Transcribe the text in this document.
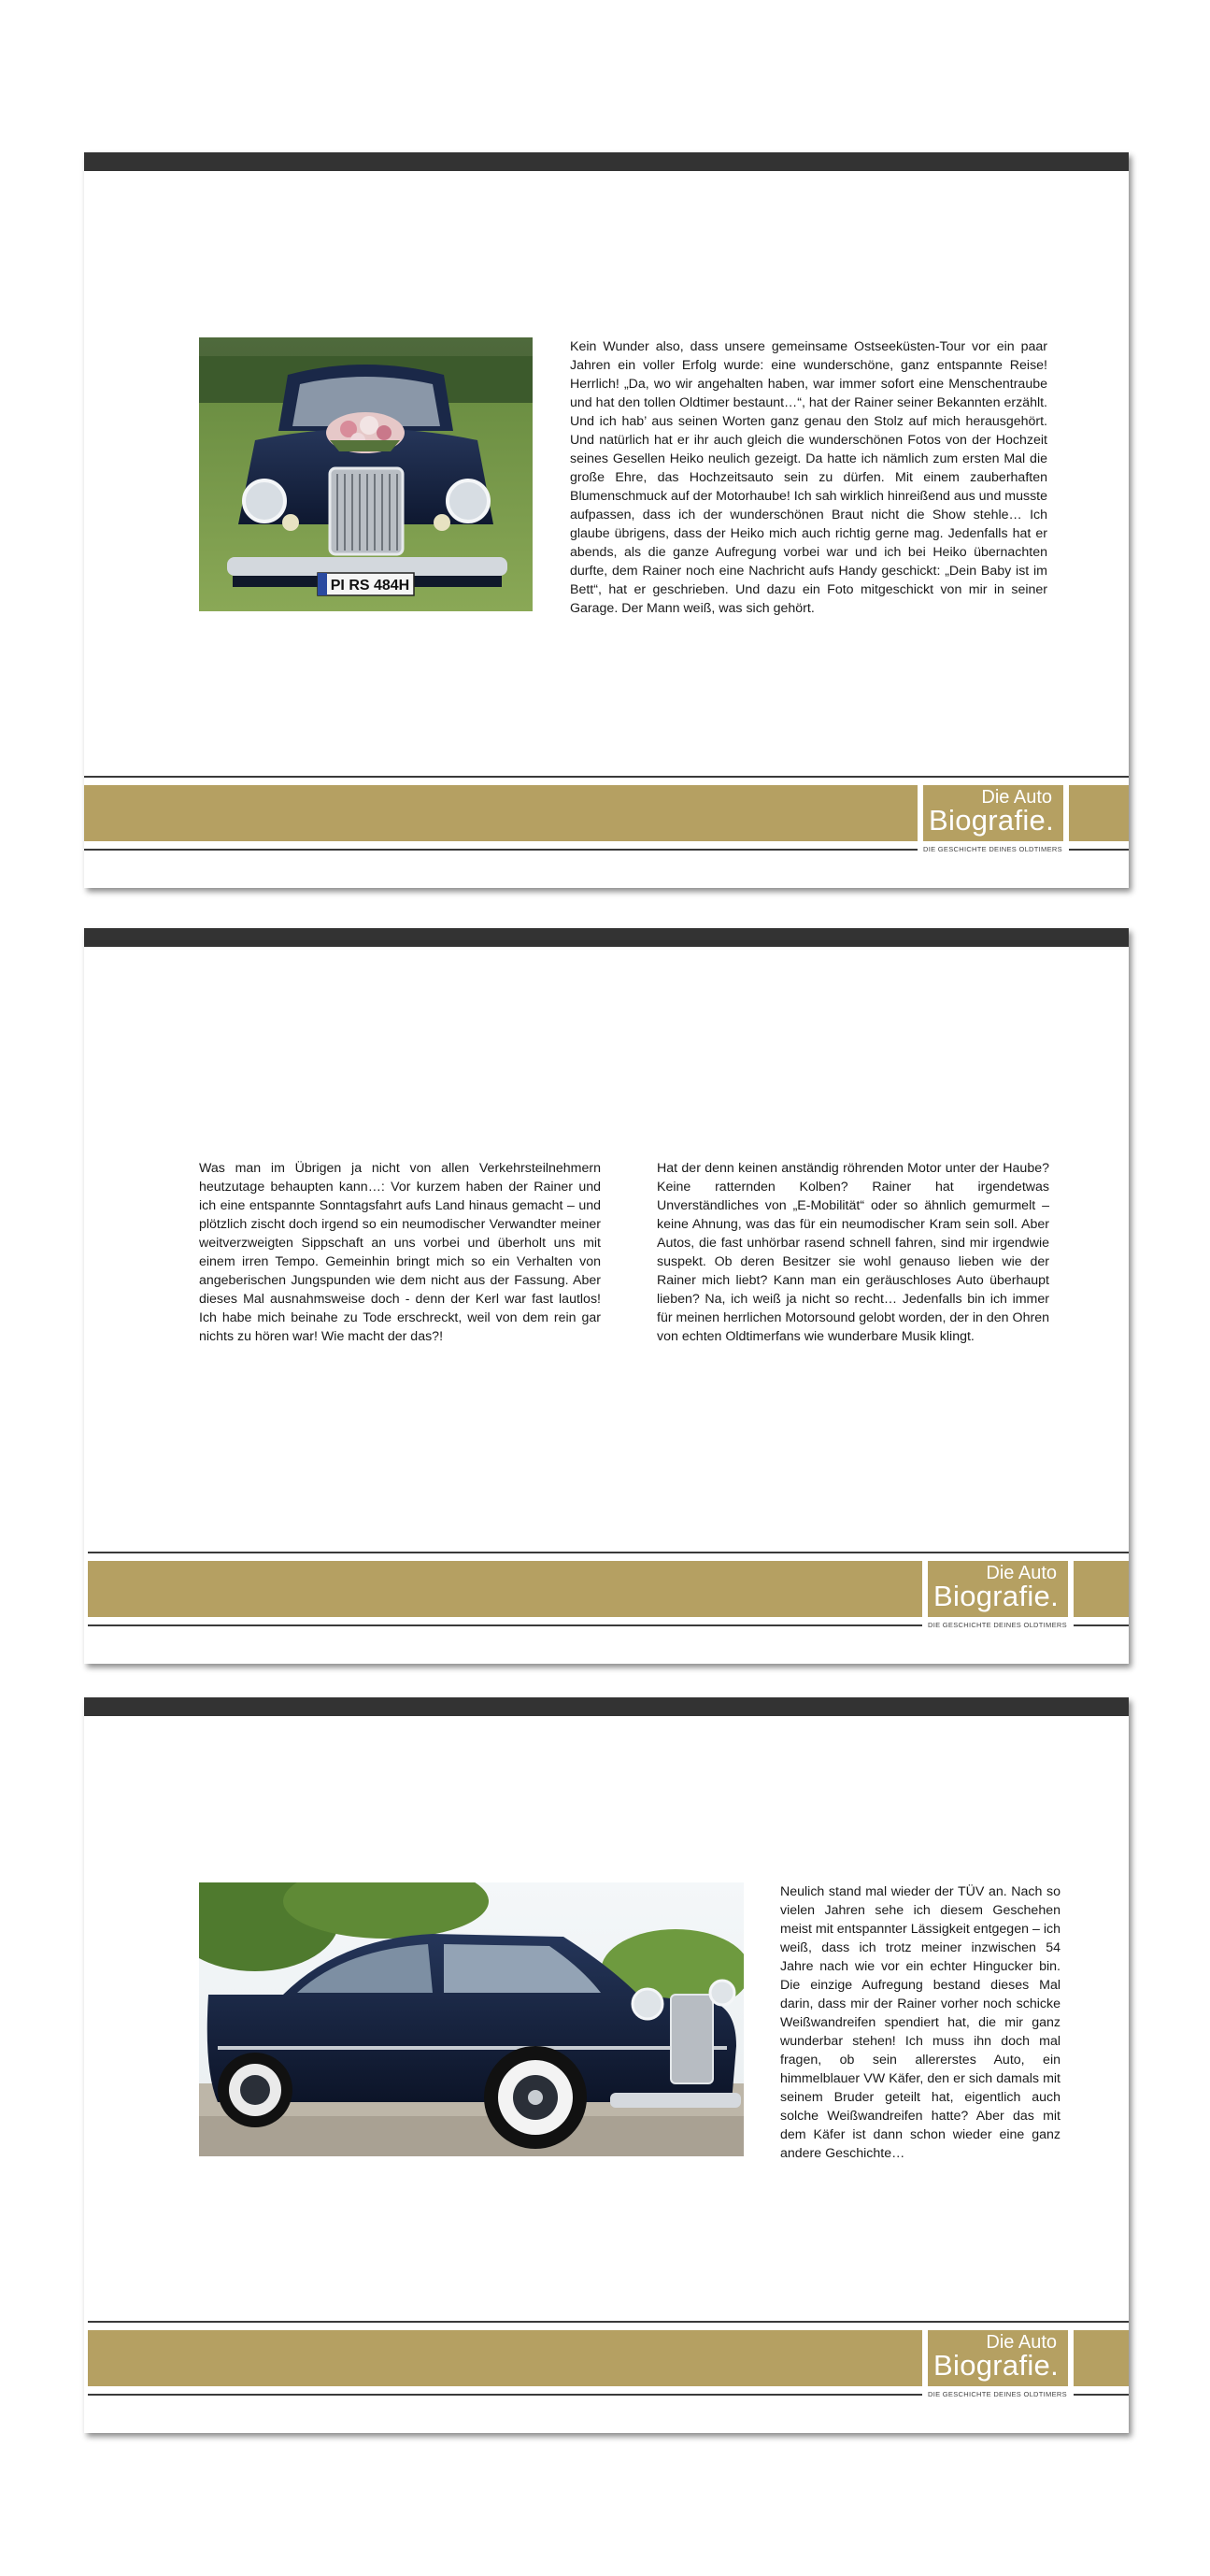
PI RS 484H
Kein Wunder also, dass unsere gemeinsame Ostseeküsten-Tour vor ein paar Jahren ein voller Erfolg wurde: eine wunderschöne, ganz entspannte Reise! Herrlich! „Da, wo wir angehalten haben, war immer sofort eine Menschentraube und hat den tollen Oldtimer bestaunt…“, hat der Rainer seiner Bekannten erzählt. Und ich hab’ aus seinen Worten ganz genau den Stolz auf mich herausgehört. Und natürlich hat er ihr auch gleich die wunderschönen Fotos von der Hochzeit seines Gesellen Heiko neulich gezeigt. Da hatte ich nämlich zum ersten Mal die große Ehre, das Hochzeitsauto sein zu dürfen. Mit einem zauberhaften Blumenschmuck auf der Motorhaube! Ich sah wirklich hinreißend aus und musste aufpassen, dass ich der wunderschönen Braut nicht die Show stehle… Ich glaube übrigens, dass der Heiko mich auch richtig gerne mag. Jedenfalls hat er abends, als die ganze Aufregung vorbei war und ich bei Heiko übernachten durfte, dem Rainer noch eine Nachricht aufs Handy geschickt: „Dein Baby ist im Bett“, hat er geschrieben. Und dazu ein Foto mitgeschickt von mir in seiner Garage. Der Mann weiß, was sich gehört.
Die Auto
Biografie.
DIE GESCHICHTE DEINES OLDTIMERS
Was man im Übrigen ja nicht von allen Verkehrsteilnehmern heutzutage behaupten kann…: Vor kurzem haben der Rainer und ich eine entspannte Sonntagsfahrt aufs Land hinaus gemacht – und plötzlich zischt doch irgend so ein neumodischer Verwandter meiner weitverzweigten Sippschaft an uns vorbei und überholt uns mit einem irren Tempo. Gemeinhin bringt mich so ein Verhalten von angeberischen Jungspunden wie dem nicht aus der Fassung. Aber dieses Mal ausnahmsweise doch - denn der Kerl war fast lautlos! Ich habe mich beinahe zu Tode erschreckt, weil von dem rein gar nichts zu hören war! Wie macht der das?!
Hat der denn keinen anständig röhrenden Motor unter der Haube? Keine ratternden Kolben? Rainer hat irgendetwas Unverständliches von „E-Mobilität“ oder so ähnlich gemurmelt – keine Ahnung, was das für ein neumodischer Kram sein soll. Aber Autos, die fast unhörbar rasend schnell fahren, sind mir irgendwie suspekt. Ob deren Besitzer sie wohl genauso lieben wie der Rainer mich liebt? Kann man ein geräuschloses Auto überhaupt lieben? Na, ich weiß ja nicht so recht… Jedenfalls bin ich immer für meinen herrlichen Motorsound gelobt worden, der in den Ohren von echten Oldtimerfans wie wunderbare Musik klingt.
Die Auto
Biografie.
DIE GESCHICHTE DEINES OLDTIMERS
Neulich stand mal wieder der TÜV an. Nach so vielen Jahren sehe ich diesem Geschehen meist mit entspannter Lässigkeit entgegen – ich weiß, dass ich trotz meiner inzwischen 54 Jahre nach wie vor ein echter Hingucker bin. Die einzige Aufregung bestand dieses Mal darin, dass mir der Rainer vorher noch schicke Weißwandreifen spendiert hat, die mir ganz wunderbar stehen! Ich muss ihn doch mal fragen, ob sein allererstes Auto, ein himmelblauer VW Käfer, den er sich damals mit seinem Bruder geteilt hat, eigentlich auch solche Weißwandreifen hatte? Aber das mit dem Käfer ist dann schon wieder eine ganz andere Geschichte…
Die Auto
Biografie.
DIE GESCHICHTE DEINES OLDTIMERS
